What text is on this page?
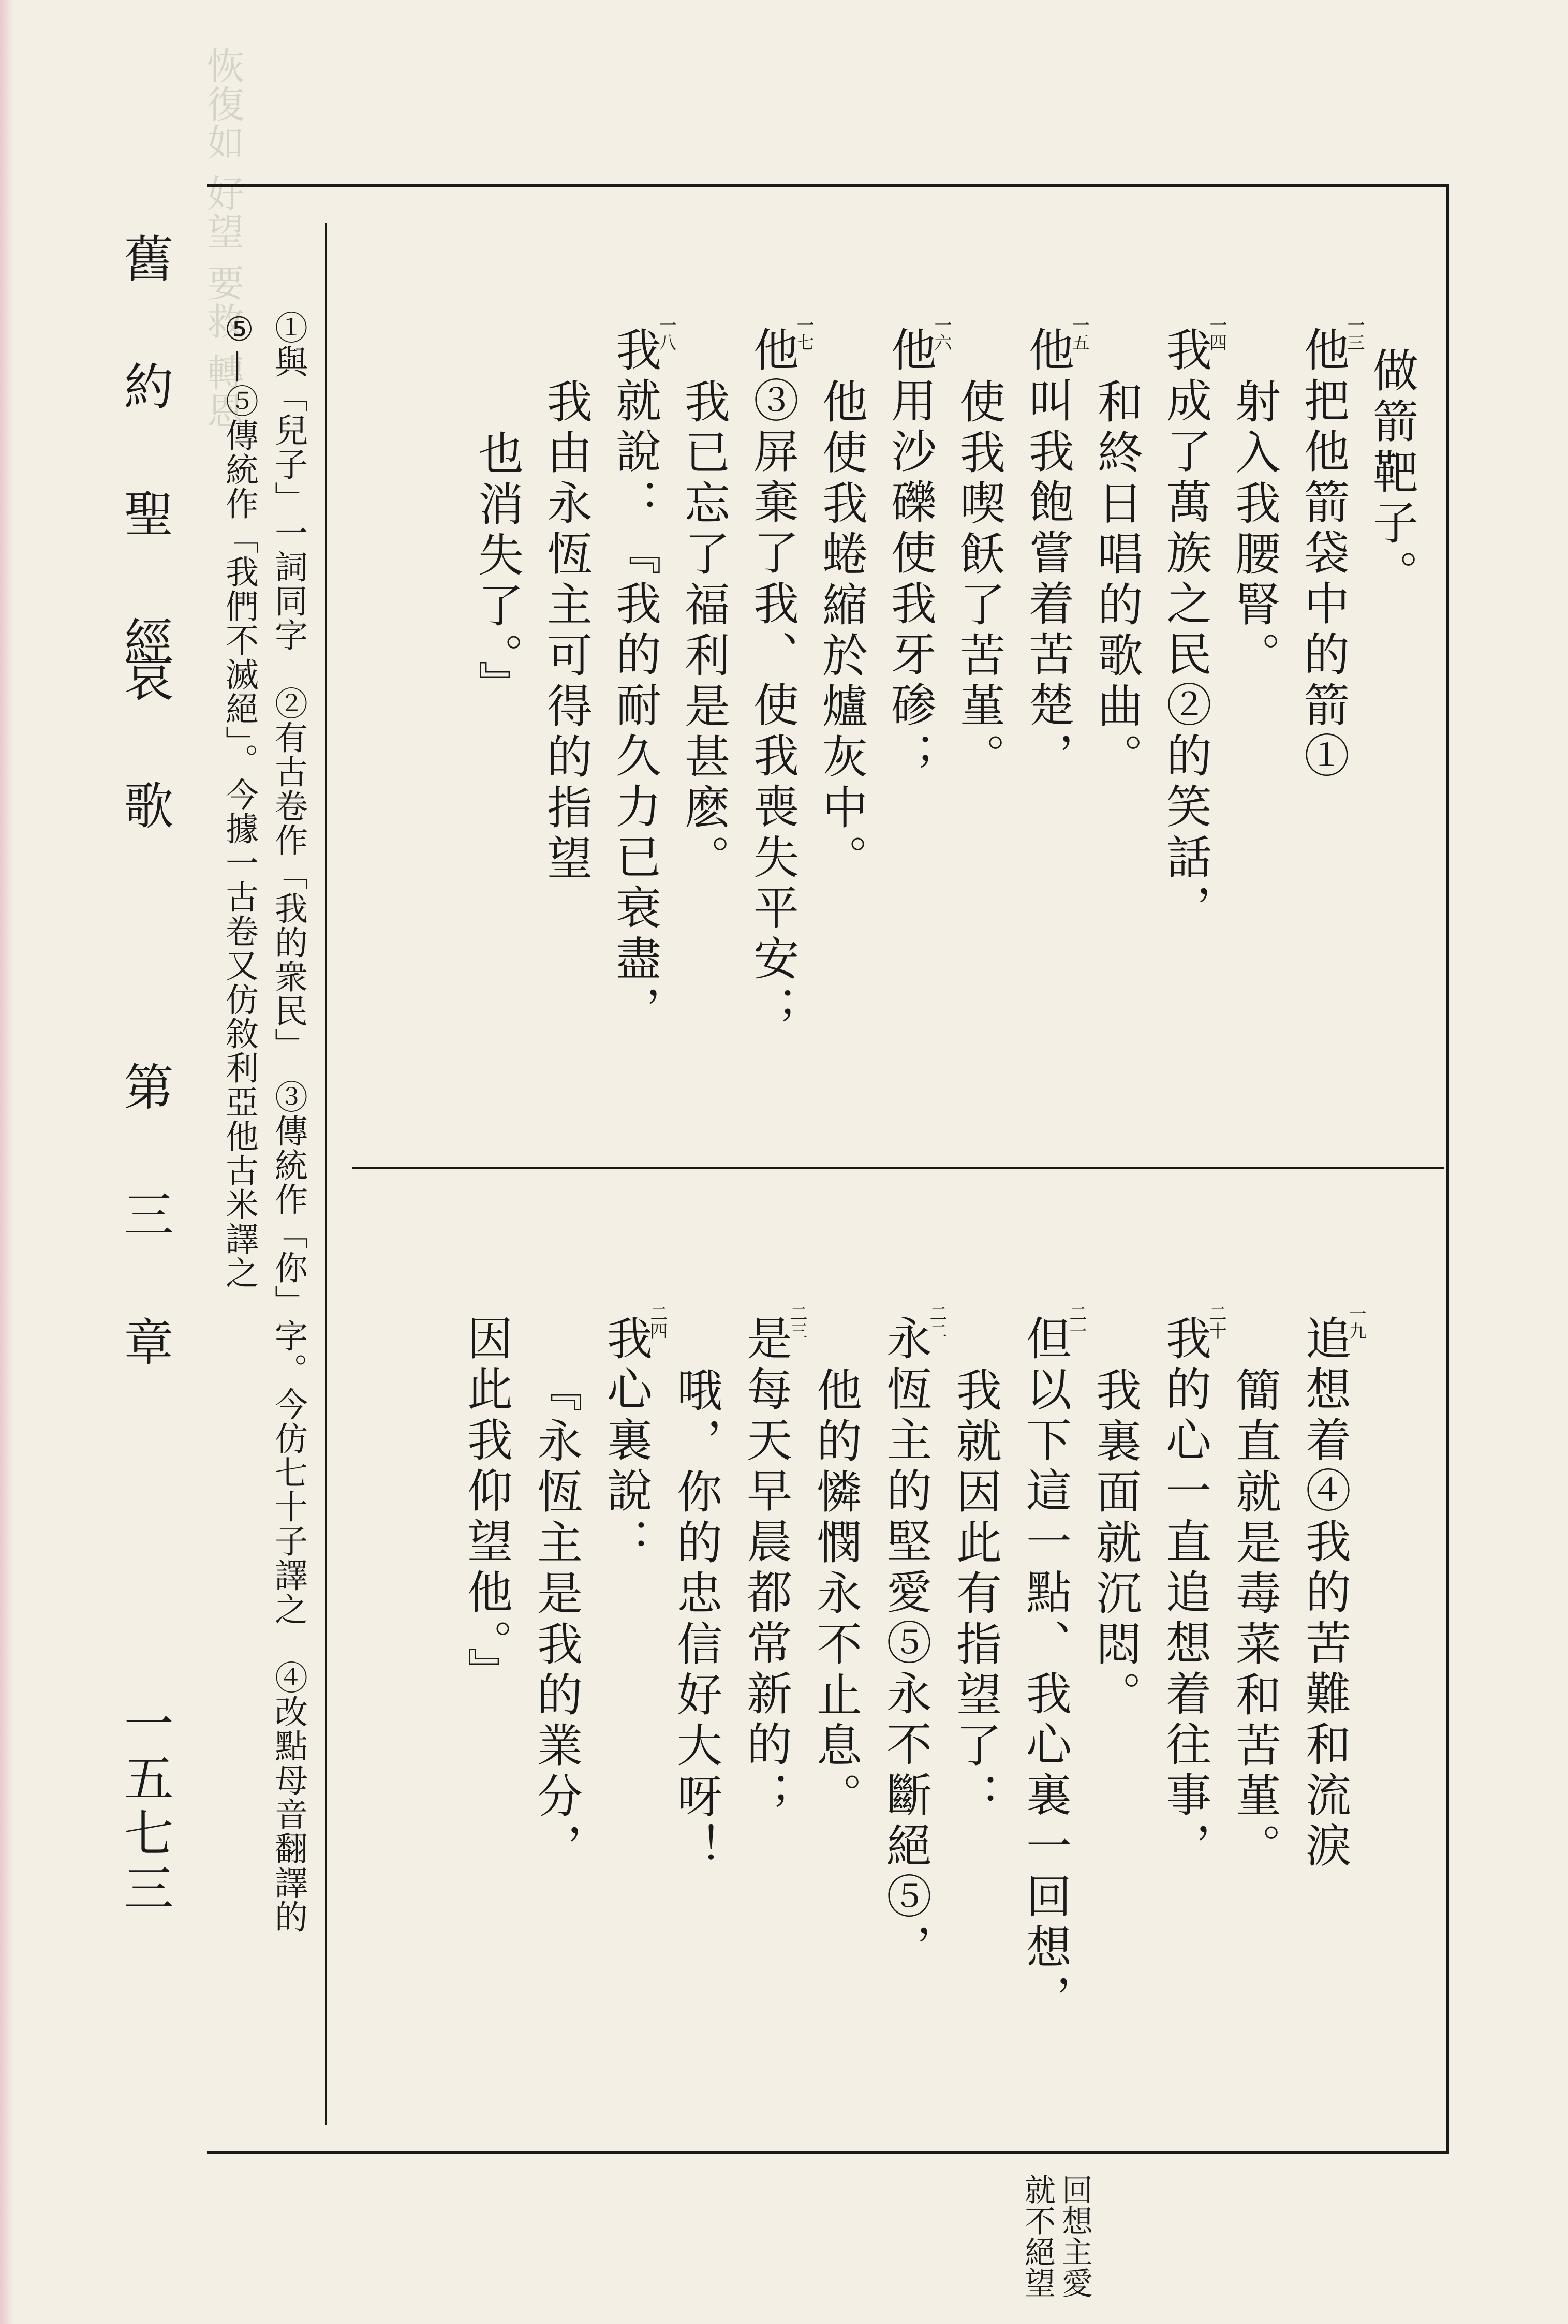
恢復如 好望 要救 轉恩
舊 約 聖 經
哀 歌
第 三 章
一五七三	①與「兒子」一詞同字　②有古卷作「我的衆民」　③傳統作「你」字。今仿七十子譯之　④改點母音翻譯的
⑤—⑤傳統作「我們不滅絕」。今據一古卷又仿敘利亞他古米譯之	做箭靶子。
他把他箭袋中的箭①
射入我腰腎。
我成了萬族之民②的笑話，
和終日唱的歌曲。
他叫我飽嘗着苦楚，
使我喫飫了苦堇。
他用沙礫使我牙碜；
他使我蜷縮於爐灰中。
他③屏棄了我、使我喪失平安；
我已忘了福利是甚麽。
我就說：『我的耐久力已衰盡，
我由永恆主可得的指望
也消失了。』
一三
一四
一五
一六
一七
一八
追想着④我的苦難和流淚
簡直就是毒菜和苦堇。
我的心一直追想着往事，
我裏面就沉悶。
但以下這一點、我心裏一回想，
我就因此有指望了：
永恆主的堅愛⑤永不斷絕⑤，
他的憐憫永不止息。
是每天早晨都常新的；
哦，你的忠信好大呀！
我心裏說：
『永恆主是我的業分，
因此我仰望他。』	一九
二十
二一
二二
二三
二四
回想主愛
就不絕望
